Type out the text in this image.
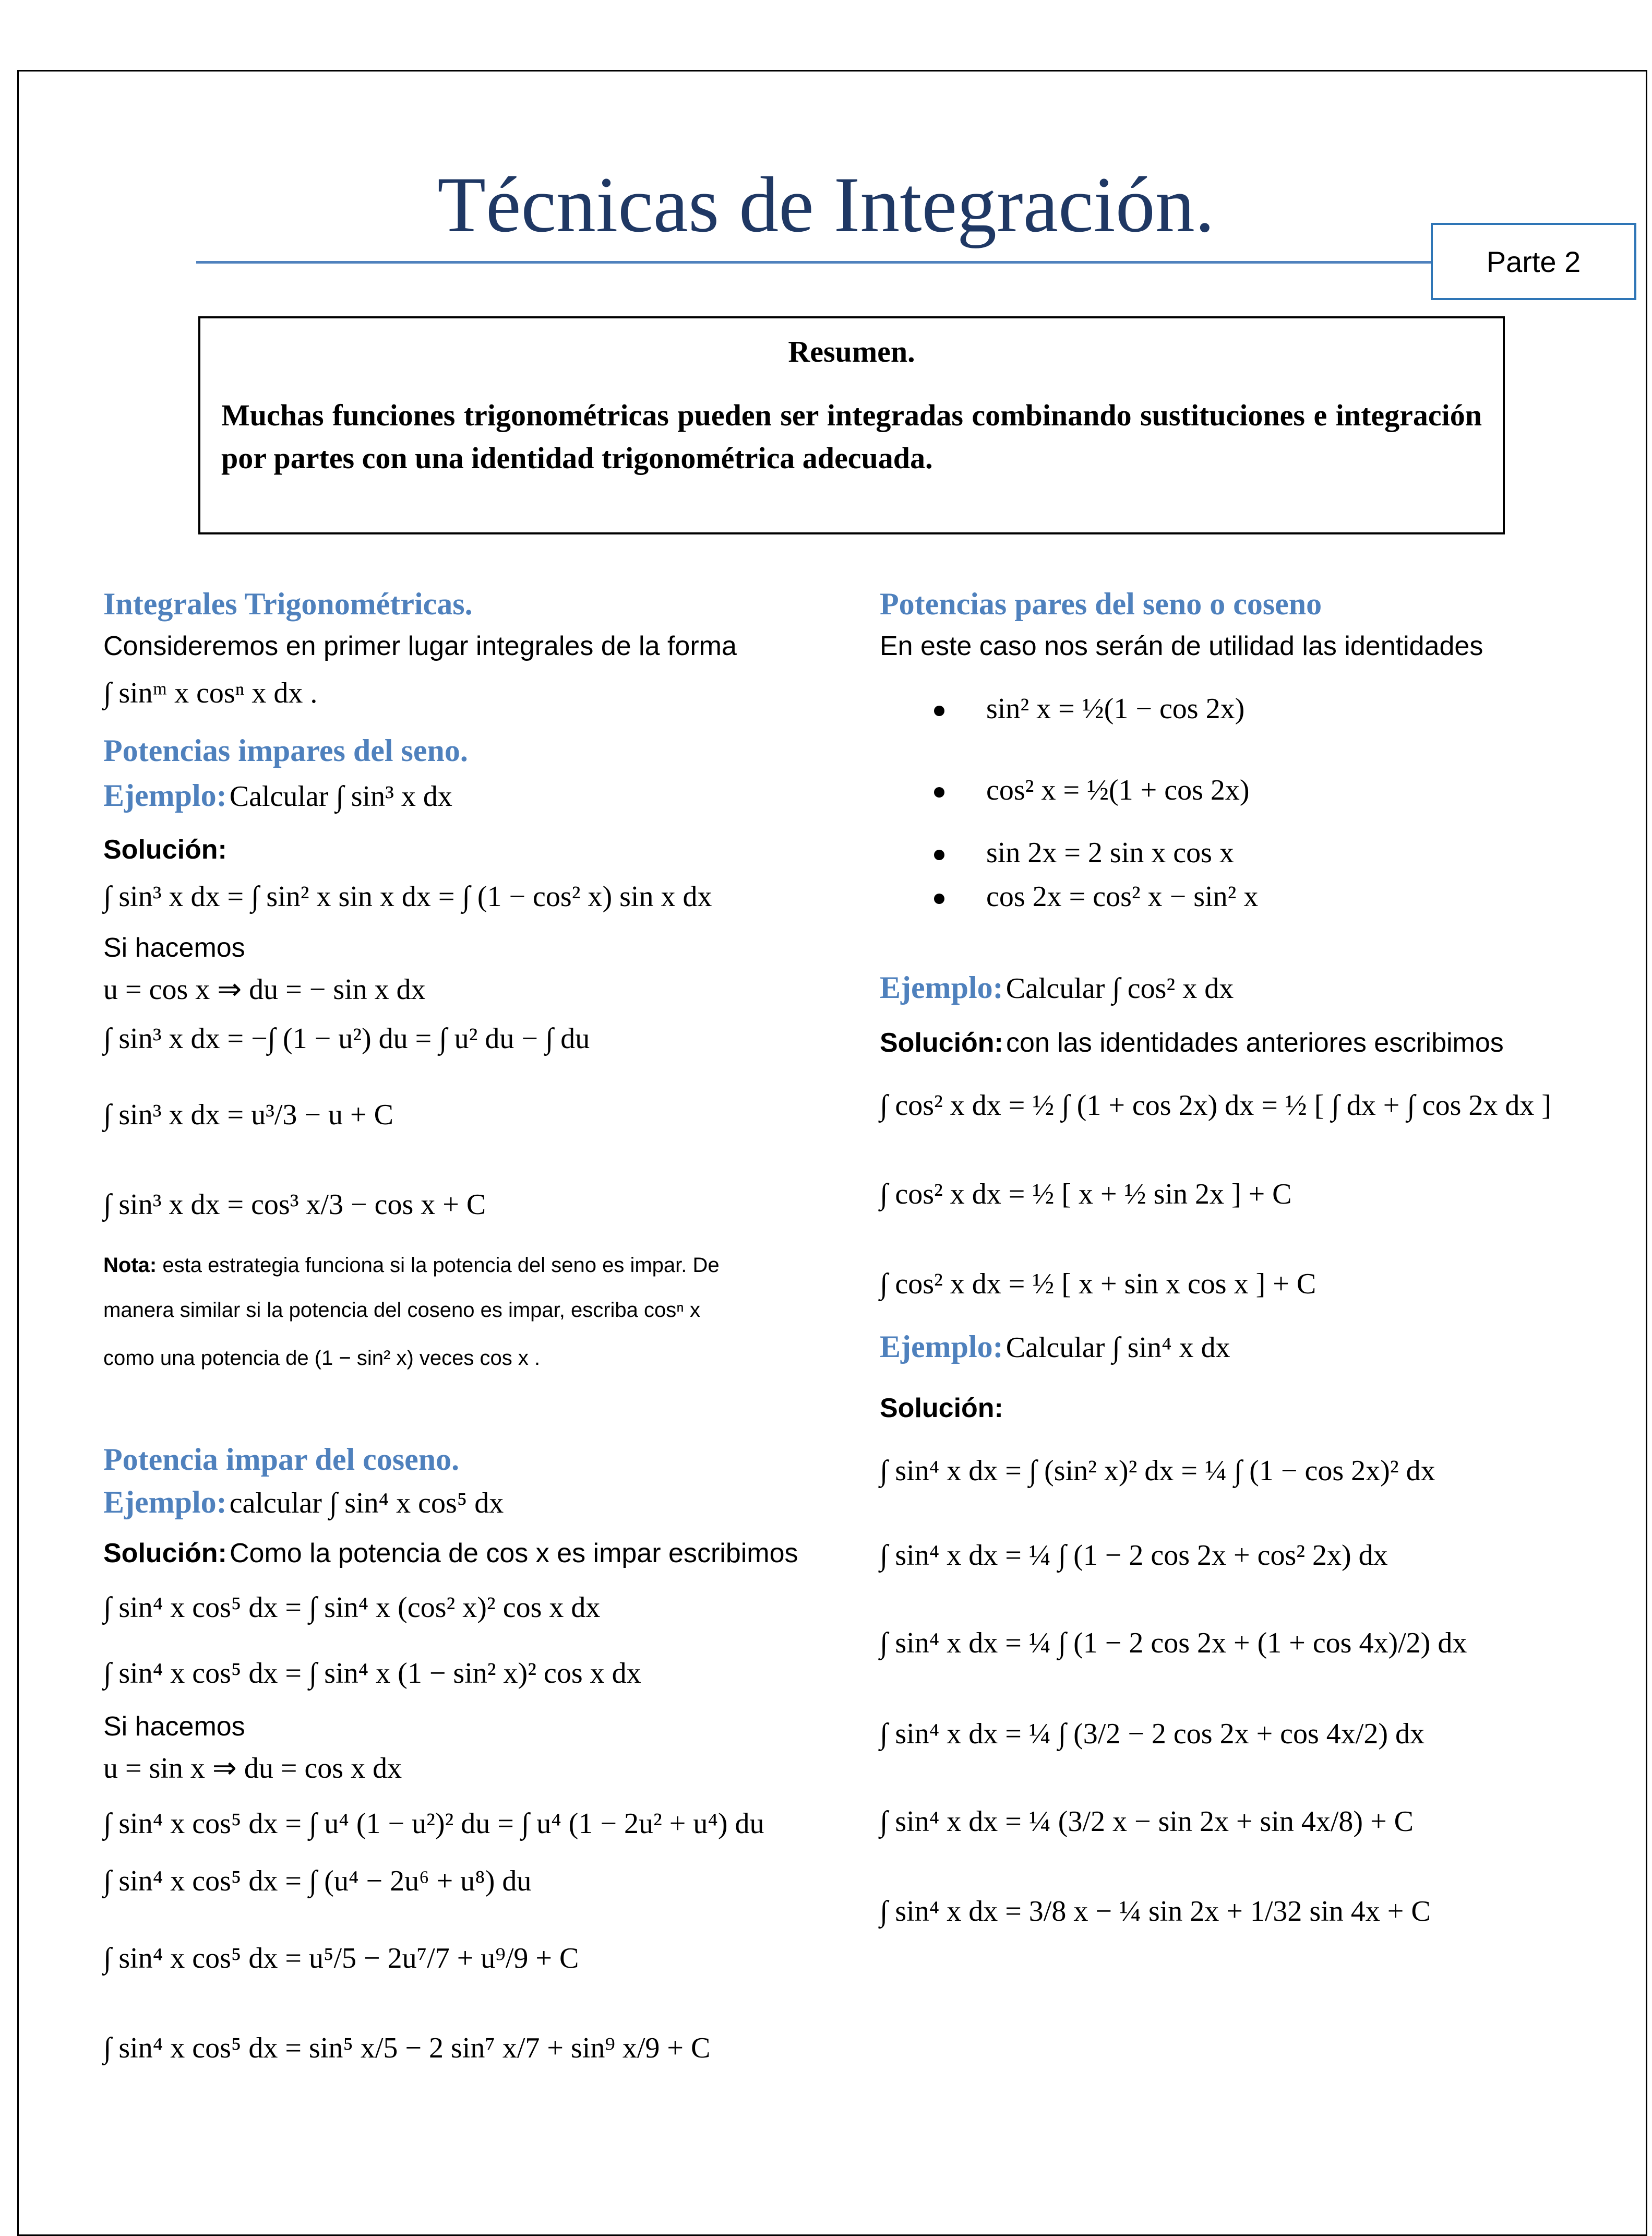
Técnicas de Integración.
Parte 2
Resumen.
Muchas funciones trigonométricas pueden ser integradas combinando sustituciones e integración por partes con una identidad trigonométrica adecuada.
Integrales Trigonométricas.
Consideremos en primer lugar integrales de la forma
∫ sinᵐ x cosⁿ x dx .
Potencias impares del seno.
Ejemplo: Calcular ∫ sin³ x dx
Solución:
∫ sin³ x dx = ∫ sin² x sin x dx = ∫ (1 − cos² x) sin x dx
Si hacemos
u = cos x ⇒ du = − sin x dx
∫ sin³ x dx = −∫ (1 − u²) du = ∫ u² du − ∫ du
∫ sin³ x dx = u³/3 − u + C
∫ sin³ x dx = cos³ x/3 − cos x + C
Nota: esta estrategia funciona si la potencia del seno es impar. De
manera similar si la potencia del coseno es impar, escriba cosⁿ x
como una potencia de (1 − sin² x) veces cos x .
Potencia impar del coseno.
Ejemplo: calcular ∫ sin⁴ x cos⁵ dx
Solución: Como la potencia de cos x es impar escribimos
∫ sin⁴ x cos⁵ dx = ∫ sin⁴ x (cos² x)² cos x dx
∫ sin⁴ x cos⁵ dx = ∫ sin⁴ x (1 − sin² x)² cos x dx
Si hacemos
u = sin x ⇒ du = cos x dx
∫ sin⁴ x cos⁵ dx = ∫ u⁴ (1 − u²)² du = ∫ u⁴ (1 − 2u² + u⁴) du
∫ sin⁴ x cos⁵ dx = ∫ (u⁴ − 2u⁶ + u⁸) du
∫ sin⁴ x cos⁵ dx = u⁵/5 − 2u⁷/7 + u⁹/9 + C
∫ sin⁴ x cos⁵ dx = sin⁵ x/5 − 2 sin⁷ x/7 + sin⁹ x/9 + C
Potencias pares del seno o coseno
En este caso nos serán de utilidad las identidades
sin² x = ½(1 − cos 2x)
cos² x = ½(1 + cos 2x)
sin 2x = 2 sin x cos x
cos 2x = cos² x − sin² x
Ejemplo: Calcular ∫ cos² x dx
Solución: con las identidades anteriores escribimos
∫ cos² x dx = ½ ∫ (1 + cos 2x) dx = ½ [ ∫ dx + ∫ cos 2x dx ]
∫ cos² x dx = ½ [ x + ½ sin 2x ] + C
∫ cos² x dx = ½ [ x + sin x cos x ] + C
Ejemplo: Calcular ∫ sin⁴ x dx
Solución:
∫ sin⁴ x dx = ∫ (sin² x)² dx = ¼ ∫ (1 − cos 2x)² dx
∫ sin⁴ x dx = ¼ ∫ (1 − 2 cos 2x + cos² 2x) dx
∫ sin⁴ x dx = ¼ ∫ (1 − 2 cos 2x + (1 + cos 4x)/2) dx
∫ sin⁴ x dx = ¼ ∫ (3/2 − 2 cos 2x + cos 4x/2) dx
∫ sin⁴ x dx = ¼ (3/2 x − sin 2x + sin 4x/8) + C
∫ sin⁴ x dx = 3/8 x − ¼ sin 2x + 1/32 sin 4x + C
